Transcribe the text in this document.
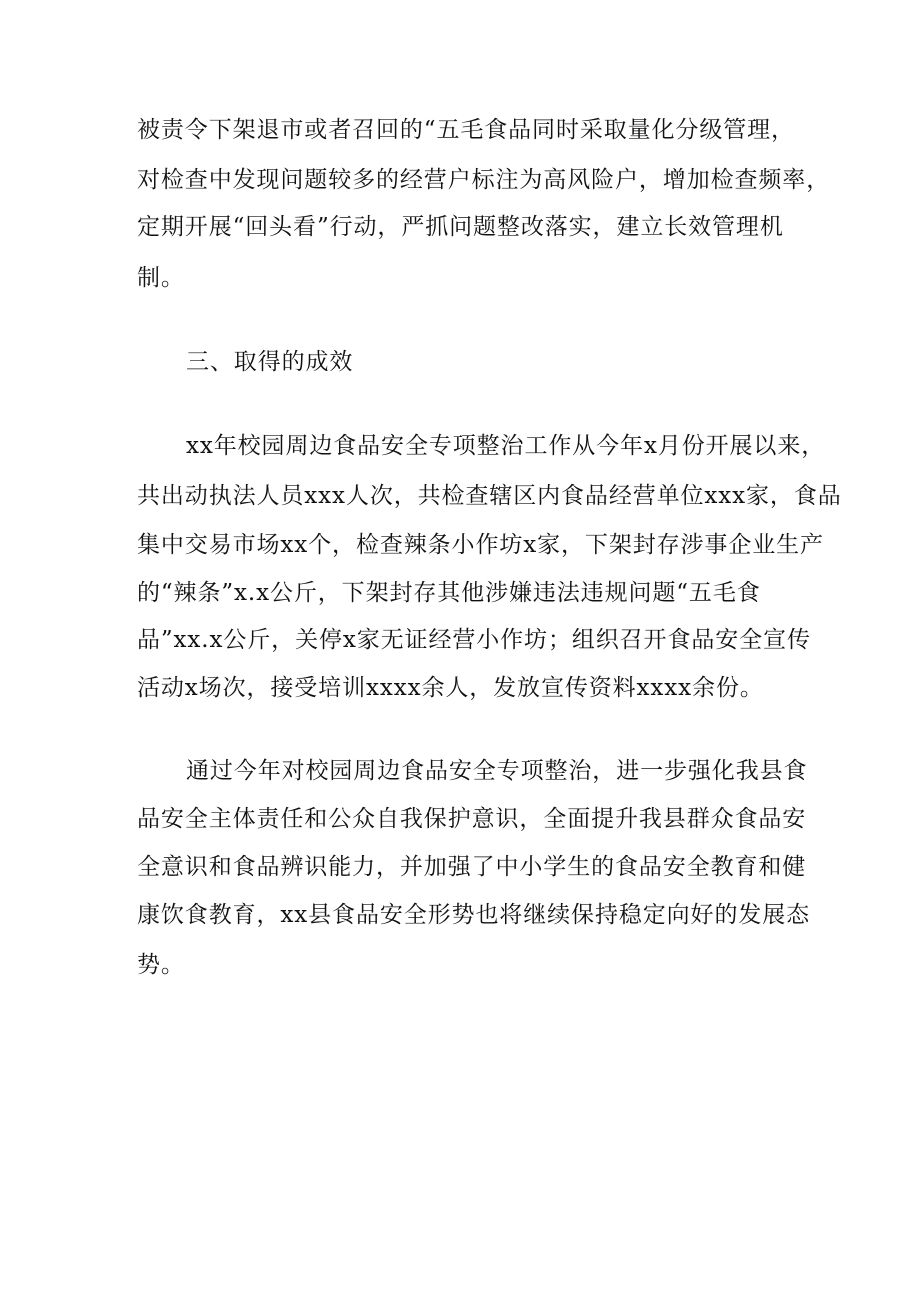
被责令下架退市或者召回的“五毛食品同时采取量化分级管理，
对检查中发现问题较多的经营户标注为高风险户，增加检查频率，
定期开展“回头看”行动，严抓问题整改落实，建立长效管理机
制。
三、取得的成效
xx年校园周边食品安全专项整治工作从今年x月份开展以来，
共出动执法人员xxx人次，共检查辖区内食品经营单位xxx家，食品
集中交易市场xx个，检查辣条小作坊x家，下架封存涉事企业生产
的“辣条”x.x公斤，下架封存其他涉嫌违法违规问题“五毛食
品”xx.x公斤，关停x家无证经营小作坊；组织召开食品安全宣传
活动x场次，接受培训xxxx余人，发放宣传资料xxxx余份。
通过今年对校园周边食品安全专项整治，进一步强化我县食
品安全主体责任和公众自我保护意识，全面提升我县群众食品安
全意识和食品辨识能力，并加强了中小学生的食品安全教育和健
康饮食教育，xx县食品安全形势也将继续保持稳定向好的发展态
势。
